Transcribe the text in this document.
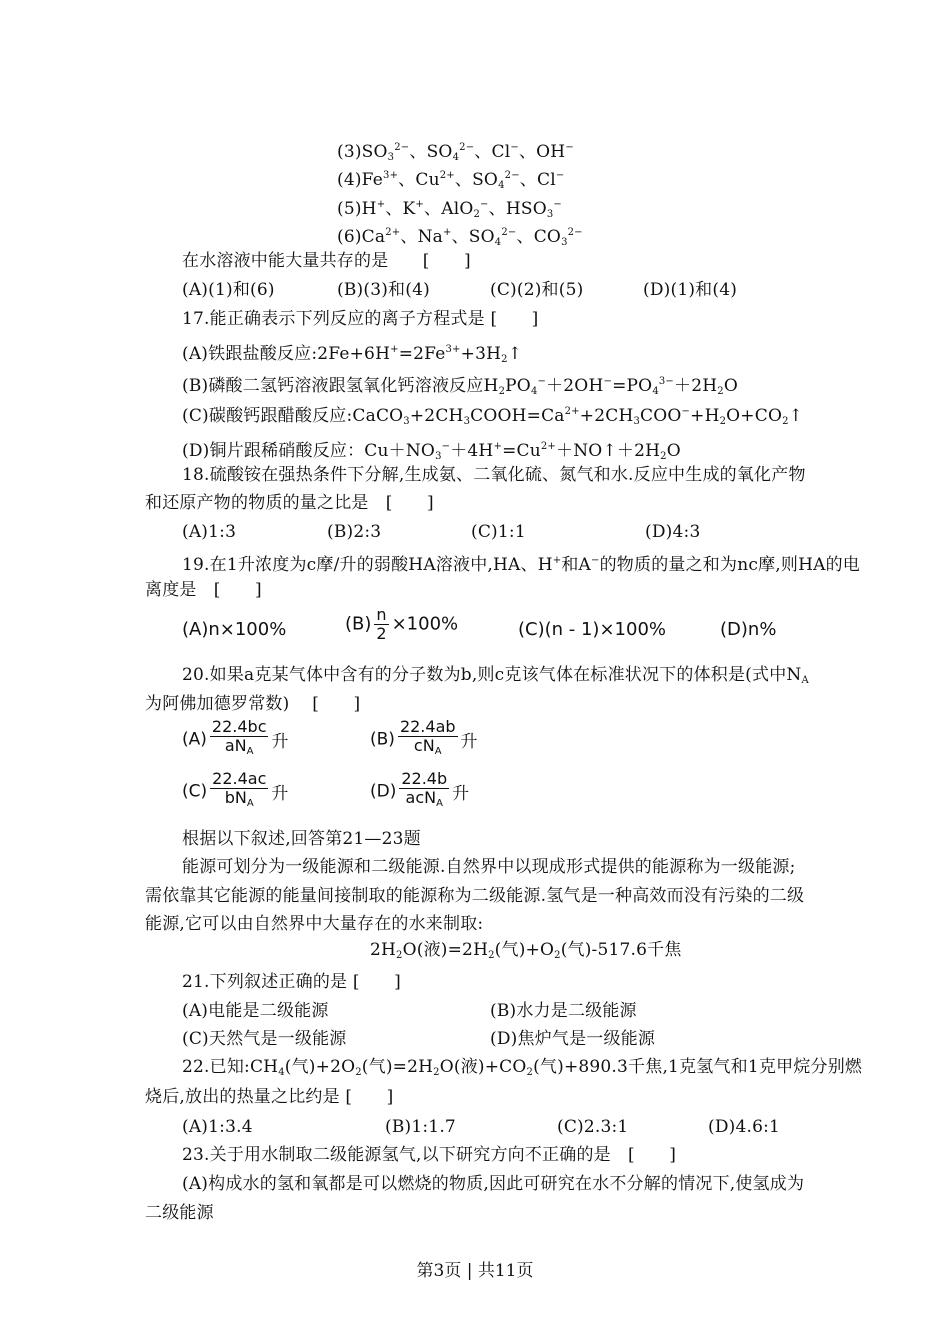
$(3)SO_3^{2-}$、$SO_4^{2-}$、Cl−、OH−
$(4)Fe^{3+}$、$Cu^{2+}$、$SO_4^{2-}$、Cl−
(5)H+、K+、AlO$_2$−、$HSO_3^-$
$(6)Ca^{2+}$、Na+、$SO_4^{2-}$、$CO_3^{2-}$
在水溶液中能大量共存的是　　[　　]
(A)(1)和(6)	(B)(3)和(4)	(C)(2)和(5)	(D)(1)和(4)
17.能正确表示下列反应的离子方程式是 [　　]
(A)铁跟盐酸反应$:2Fe+6H^+=2Fe^{3+}+3H_2↑$
(B)磷酸二氢钙溶液跟氢氧化钙溶液反应$H_2PO_4^-+2OH^-=PO_4^{3-}+2H_2O$
(C)碳酸钙跟醋酸反应$:CaCO_3+2CH_3COOH=Ca^{2+}+2CH_3COO^-+H_2O+CO_2↑$
(D)铜片跟稀硝酸反应：$Cu+NO_3^-+4H^+=Cu^{2+}+NO↑+2H_2O$
18.硫酸铵在强热条件下分解,生成氨、二氧化硫、氮气和水.反应中生成的氧化产物
和还原产物的物质的量之比是　[　　]
(A)1:3	(B)2:3	(C)1:1	(D)4:3
19.在1升浓度为c摩/升的弱酸HA溶液中,HA、H+和A−的物质的量之和为nc摩,则HA的电
离度是　[　　]
(A)n×100%	$(B) \frac{n}{2} \times 100\%$	(C)(n - 1)×100%	(D)n%
20.如果a克某气体中含有的分子数为b,则c克该气体在标准状况下的体积是(式中$N_A$
为阿佛加德罗常数)　 [　　]
$(A) \frac{22.4bc}{aN_A}$ 升	$(B) \frac{22.4ab}{cN_A}$ 升
$(C) \frac{22.4ac}{bN_A}$ 升	$(D) \frac{22.4b}{acN_A}$ 升
根据以下叙述,回答第21—23题
能源可划分为一级能源和二级能源.自然界中以现成形式提供的能源称为一级能源;
需依靠其它能源的能量间接制取的能源称为二级能源.氢气是一种高效而没有污染的二级
能源,它可以由自然界中大量存在的水来制取:
$2H_2O$(液)$=2H_2$(气)$+O_2$(气)-517.6千焦
21.下列叙述正确的是 [　　]
(A)电能是二级能源	(B)水力是二级能源
(C)天然气是一级能源	(D)焦炉气是一级能源
22.已知$:CH_4$(气)$+2O_2$(气)$=2H_2O$(液)$+CO_2$(气)+890.3千焦,1克氢气和1克甲烷分别燃
烧后,放出的热量之比约是 [　　]
(A)1:3.4	(B)1:1.7	(C)2.3:1	(D)4.6:1
23.关于用水制取二级能源氢气,以下研究方向不正确的是　[　　]
(A)构成水的氢和氧都是可以燃烧的物质,因此可研究在水不分解的情况下,使氢成为
二级能源
第3页 | 共11页
